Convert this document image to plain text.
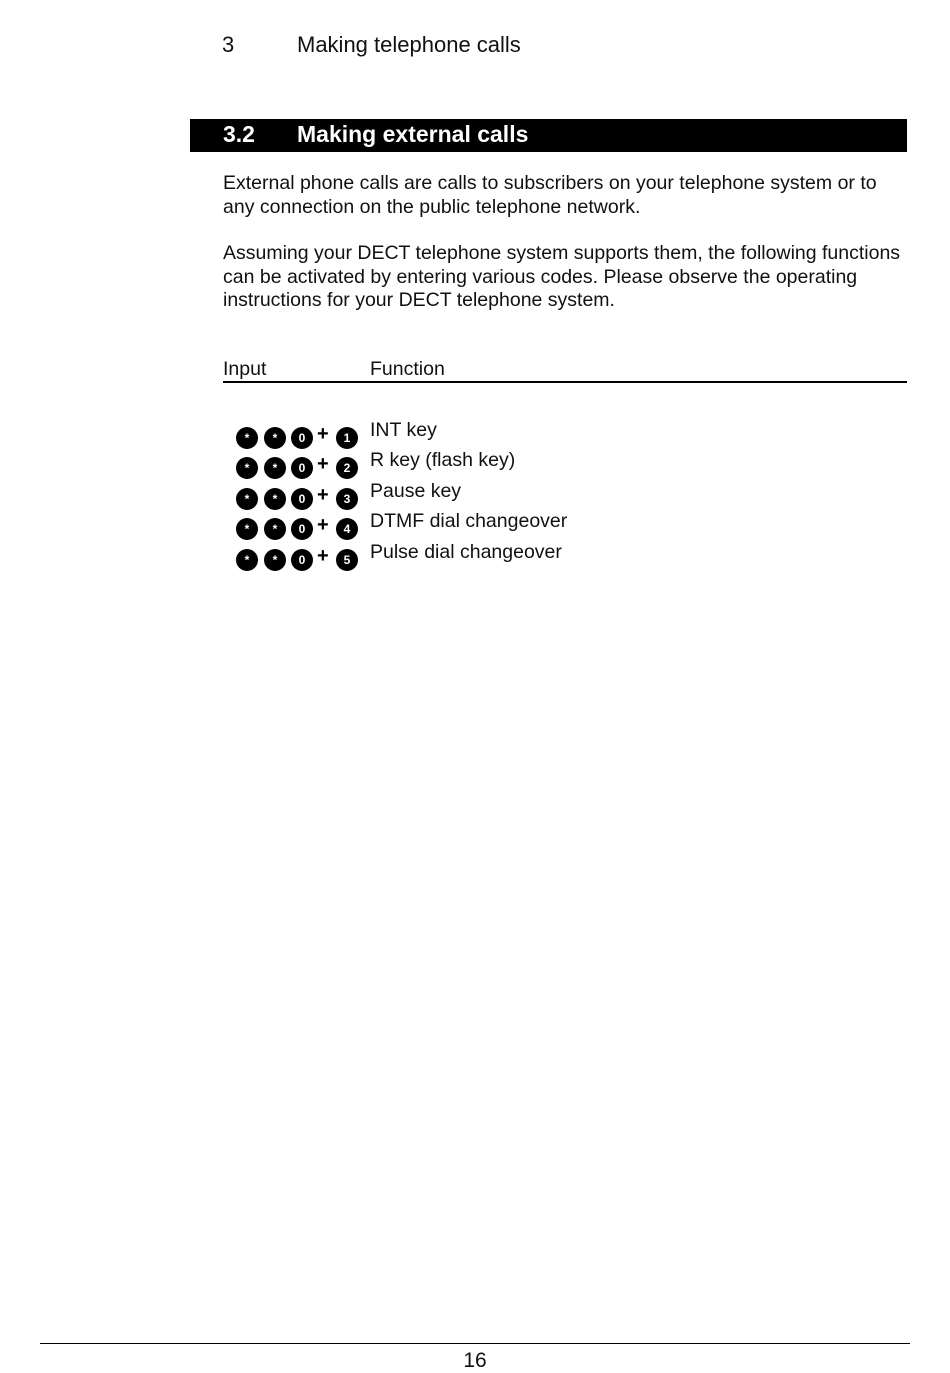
3	Making telephone calls
3.2 Making external calls

External phone calls are calls to subscribers on your telephone system or to any connection on the public telephone network.

Assuming your DECT telephone system supports them, the following functions can be activated by entering various codes. Please observe the operating instructions for your DECT telephone system.

Input	Function
*	*	0 +	1	INT key
*	*	0 +	2	R key (flash key)
*	*	0 +	3	Pause key
*	*	0 +	4	DTMF dial changeover
*	*	0 +	5	Pulse dial changeover
16
